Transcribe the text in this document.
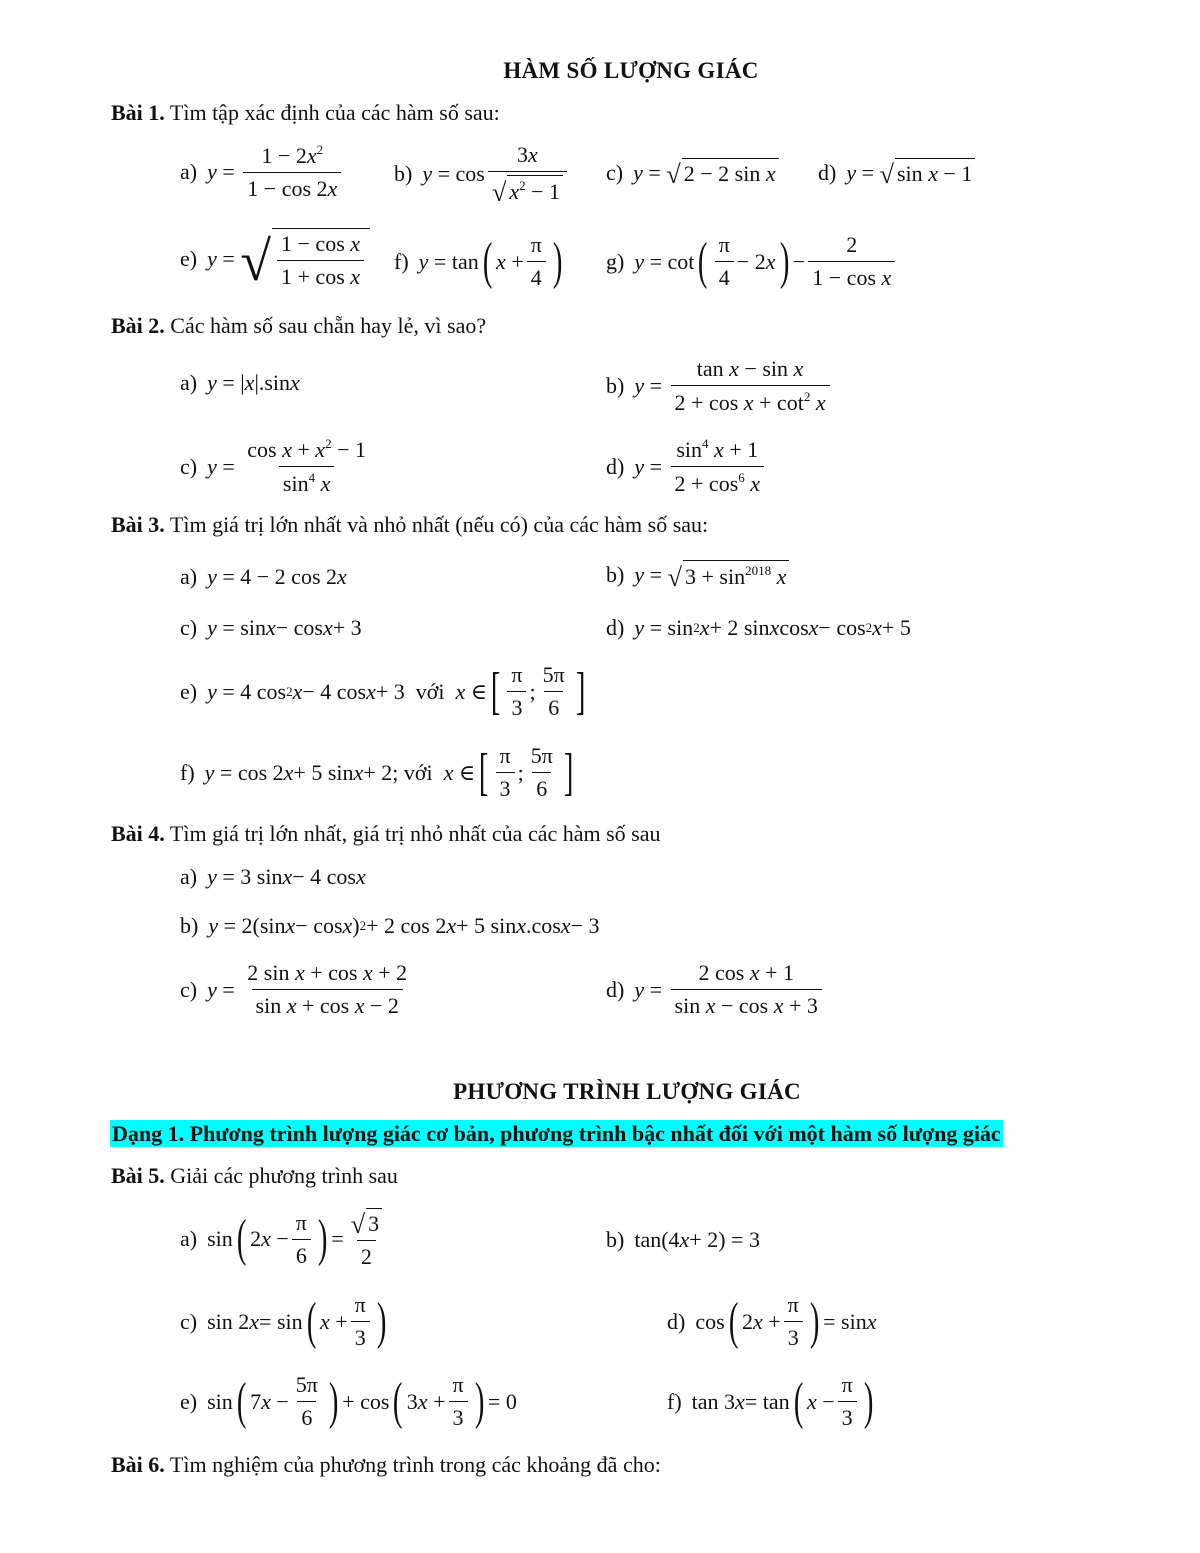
HÀM SỐ LƯỢNG GIÁC
Bài 1. Tìm tập xác định của các hàm số sau:
a) $y = \frac{1 - 2x^2}{1 - \cos 2x} b$) $y = \cos \frac{3x}{√ x^2 - 1} c$) y = √ 2 − 2 sin x d) y = √ sin x − 1
e) y = √ $\frac{\text{1 − cos x}}{\text{1 + cos x}} f$) y = tan ( $x + \frac{\pi}{4}$ ) g) y = cot ( $\frac{\pi}{4} - 2$ x ) − $\frac{2}{\text{1 − cos x}}$
Bài 2. Các hàm số sau chẵn hay lẻ, vì sao?
a) y = | x |.sin x	b) $y = \frac{\text{tan x − sin x}}{2 + \cos x + \cot^2 x}$
c) $y = \frac{\cos x + x^2 - 1}{\sin^4 x}$	d) $y = \frac{\sin^4 x + 1}{2 + \cos^6 x}$
Bài 3. Tìm giá trị lớn nhất và nhỏ nhất (nếu có) của các hàm số sau:
a) y = 4 − 2 cos 2 x	b) y = √ $3 + \sin^{2018} x$
c) y = sin x − cos x + 3	d) y = sin 2 x + 2 sin x cos x − cos 2 x + 5
e) y = 4 cos 2 x − 4 cos x + 3 với
x ∈ [ $\frac{\pi}{3}$ ; $\frac{5\pi}{6}$ ]
f) y = cos 2 x + 5 sin x + 2 ; với
x ∈ [ $\frac{\pi}{3}$ ; $\frac{5\pi}{6}$ ]
Bài 4. Tìm giá trị lớn nhất, giá trị nhỏ nhất của các hàm số sau
a) y = 3 sin x − 4 cos x
b) y = 2(sin x − cos x ) 2 + 2 cos 2 x + 5 sin x .cos x − 3
c) $y = \frac{\text{2 sin x + cos x + 2}}{\text{sin x + cos x − 2}}$	d) $y = \frac{\text{2 cos x + 1}}{\text{sin x − cos x + 3}}$
PHƯƠNG TRÌNH LƯỢNG GIÁC
Dạng 1. Phương trình lượng giác cơ bản, phương trình bậc nhất đối với một hàm số lượng giác
Bài 5. Giải các phương trình sau
a) sin ( 2 $x - \frac{\pi}{6}$ ) = $\frac{√ 3}{2}$	b) tan(4 x + 2) = 3
c) sin 2 x = sin ( $x + \frac{\pi}{3}$ )	d) cos ( 2 $x + \frac{\pi}{3}$ ) = sin x
e) sin ( 7 $x - \frac{5\pi}{6}$ ) + cos ( 3 $x + \frac{\pi}{3}$ ) = 0	f) tan 3 x = tan ( $x - \frac{\pi}{3}$ )
Bài 6. Tìm nghiệm của phương trình trong các khoảng đã cho:
